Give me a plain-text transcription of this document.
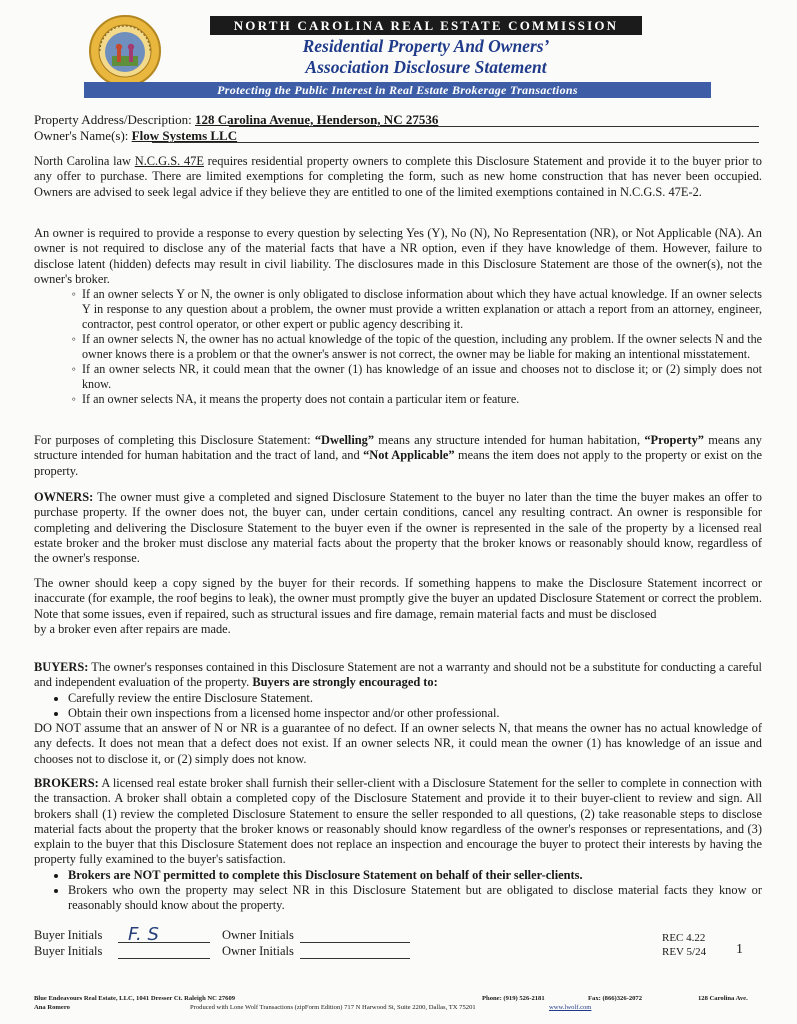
NORTH CAROLINA REAL ESTATE COMMISSION
Residential Property And Owners’
Association Disclosure Statement
Protecting the Public Interest in Real Estate Brokerage Transactions
Property Address/Description: 128 Carolina Avenue, Henderson, NC 27536
Owner's Name(s): Flow Systems LLC

North Carolina law N.C.G.S. 47E requires residential property owners to complete this Disclosure Statement and provide it to the buyer prior to any offer to purchase. There are limited exemptions for completing the form, such as new home construction that has never been occupied. Owners are advised to seek legal advice if they believe they are entitled to one of the limited exemptions contained in N.C.G.S. 47E-2.

An owner is required to provide a response to every question by selecting Yes (Y), No (N), No Representation (NR), or Not Applicable (NA). An owner is not required to disclose any of the material facts that have a NR option, even if they have knowledge of them. However, failure to disclose latent (hidden) defects may result in civil liability. The disclosures made in this Disclosure Statement are those of the owner(s), not the owner's broker.

◦ If an owner selects Y or N, the owner is only obligated to disclose information about which they have actual knowledge. If an owner selects Y in response to any question about a problem, the owner must provide a written explanation or attach a report from an attorney, engineer, contractor, pest control operator, or other expert or public agency describing it.
◦ If an owner selects N, the owner has no actual knowledge of the topic of the question, including any problem. If the owner selects N and the owner knows there is a problem or that the owner's answer is not correct, the owner may be liable for making an intentional misstatement.
◦ If an owner selects NR, it could mean that the owner (1) has knowledge of an issue and chooses not to disclose it; or (2) simply does not know.
◦ If an owner selects NA, it means the property does not contain a particular item or feature.

For purposes of completing this Disclosure Statement: “Dwelling” means any structure intended for human habitation, “Property” means any structure intended for human habitation and the tract of land, and “Not Applicable” means the item does not apply to the property or exist on the property.

OWNERS: The owner must give a completed and signed Disclosure Statement to the buyer no later than the time the buyer makes an offer to purchase property. If the owner does not, the buyer can, under certain conditions, cancel any resulting contract. An owner is responsible for completing and delivering the Disclosure Statement to the buyer even if the owner is represented in the sale of the property by a licensed real estate broker and the broker must disclose any material facts about the property that the broker knows or reasonably should know, regardless of the owner's response.

The owner should keep a copy signed by the buyer for their records. If something happens to make the Disclosure Statement incorrect or inaccurate (for example, the roof begins to leak), the owner must promptly give the buyer an updated Disclosure Statement or correct the problem. Note that some issues, even if repaired, such as structural issues and fire damage, remain material facts and must be disclosed

by a broker even after repairs are made.

BUYERS: The owner's responses contained in this Disclosure Statement are not a warranty and should not be a substitute for conducting a careful and independent evaluation of the property. Buyers are strongly encouraged to:

• Carefully review the entire Disclosure Statement.
• Obtain their own inspections from a licensed home inspector and/or other professional.

DO NOT assume that an answer of N or NR is a guarantee of no defect. If an owner selects N, that means the owner has no actual knowledge of any defects. It does not mean that a defect does not exist. If an owner selects NR, it could mean the owner (1) has knowledge of an issue and chooses not to disclose it, or (2) simply does not know.

BROKERS: A licensed real estate broker shall furnish their seller-client with a Disclosure Statement for the seller to complete in connection with the transaction. A broker shall obtain a completed copy of the Disclosure Statement and provide it to their buyer-client to review and sign. All brokers shall (1) review the completed Disclosure Statement to ensure the seller responded to all questions, (2) take reasonable steps to disclose material facts about the property that the broker knows or reasonably should know regardless of the owner's responses or representations, and (3) explain to the buyer that this Disclosure Statement does not replace an inspection and encourage the buyer to protect their interests by having the property fully examined to the buyer's satisfaction.

• Brokers are NOT permitted to complete this Disclosure Statement on behalf of their seller-clients.
• Brokers who own the property may select NR in this Disclosure Statement but are obligated to disclose material facts they know or reasonably should know about the property.
Buyer Initials F. S	Owner Initials
Buyer Initials	Owner Initials
REC 4.22
REV 5/24 1
Blue Endeavours Real Estate, LLC, 1041 Dresser Ct. Raleigh NC 27609	Phone: (919) 526-2181	Fax: (866)326-2072	128 Carolina Ave.
Ana Romero	Produced with Lone Wolf Transactions (zipForm Edition) 717 N Harwood St, Suite 2200, Dallas, TX 75201	www.lwolf.com
